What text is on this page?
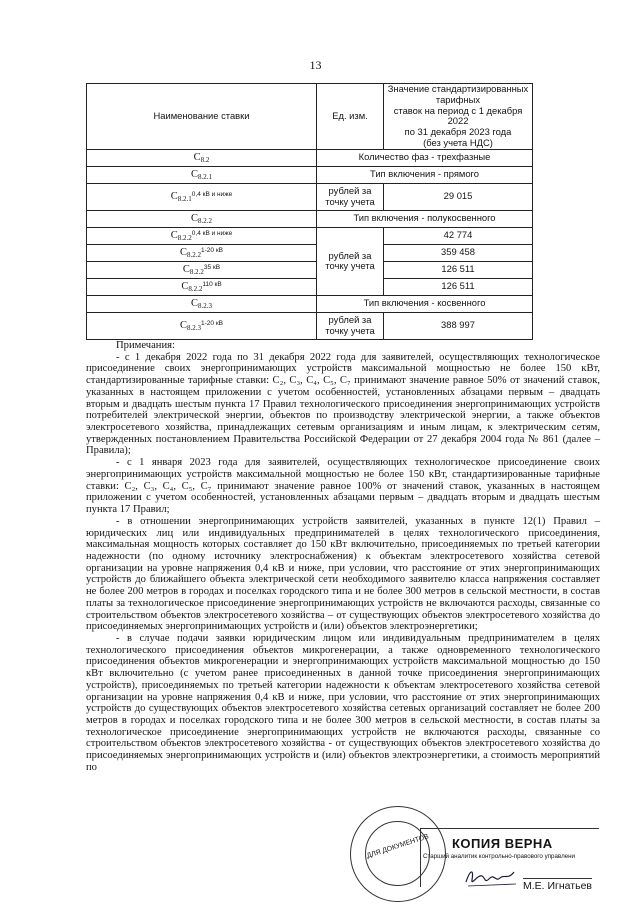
13
Наименование ставки	Ед. изм.	Значение стандартизированных тарифных
ставок на период с 1 декабря 2022
по 31 декабря 2023 года
(без учета НДС)

$С_{8.2}$	Количество фаз - трехфазные	
$С_{8.2.1}$	Тип включения - прямого	
$С_{8.2.1}^{0,4 кВ и ниже}$	рублей за
точку учета	29 015
$С_{8.2.2}$	Тип включения - полукосвенного	
$С_{8.2.2}^{0,4 кВ и ниже}$	рублей за
точку учета	42 774
$С_{8.2.2}^{1-20 кВ}$		359 458
$С_{8.2.2}^{35 кВ}$		126 511
$С_{8.2.2}^{110 кВ}$		126 511
$С_{8.2.3}$	Тип включения - косвенного	
$С_{8.2.3}^{1-20 кВ}$	рублей за
точку учета	388 997

Примечания:

- с 1 декабря 2022 года по 31 декабря 2022 года для заявителей, осуществляющих технологическое присоединение своих энергопринимающих устройств максимальной мощностью не более 150 кВт, стандартизированные тарифные ставки: С₂, С₃, С₄, С₅, С₇ принимают значение равное 50% от значений ставок, указанных в настоящем приложении с учетом особенностей, установленных абзацами первым – двадцать вторым и двадцать шестым пункта 17 Правил технологического присоединения энергопринимающих устройств потребителей электрической энергии, объектов по производству электрической энергии, а также объектов электросетевого хозяйства, принадлежащих сетевым организациям и иным лицам, к электрическим сетям, утвержденных постановлением Правительства Российской Федерации от 27 декабря 2004 года № 861 (далее – Правила);

- с 1 января 2023 года для заявителей, осуществляющих технологическое присоединение своих энергопринимающих устройств максимальной мощностью не более 150 кВт, стандартизированные тарифные ставки: С₂, С₃, С₄, С₅, С₇ принимают значение равное 100% от значений ставок, указанных в настоящем приложении с учетом особенностей, установленных абзацами первым – двадцать вторым и двадцать шестым пункта 17 Правил;

- в отношении энергопринимающих устройств заявителей, указанных в пункте 12(1) Правил – юридических лиц или индивидуальных предпринимателей в целях технологического присоединения, максимальная мощность которых составляет до 150 кВт включительно, присоединяемых по третьей категории надежности (по одному источнику электроснабжения) к объектам электросетевого хозяйства сетевой организации на уровне напряжения 0,4 кВ и ниже, при условии, что расстояние от этих энергопринимающих устройств до ближайшего объекта электрической сети необходимого заявителю класса напряжения составляет не более 200 метров в городах и поселках городского типа и не более 300 метров в сельской местности, в состав платы за технологическое присоединение энергопринимающих устройств не включаются расходы, связанные со строительством объектов электросетевого хозяйства – от существующих объектов электросетевого хозяйства до присоединяемых энергопринимающих устройств и (или) объектов электроэнергетики;

- в случае подачи заявки юридическим лицом или индивидуальным предпринимателем в целях технологического присоединения объектов микрогенерации, а также одновременного технологического присоединения объектов микрогенерации и энергопринимающих устройств максимальной мощностью до 150 кВт включительно (с учетом ранее присоединенных в данной точке присоединения энергопринимающих устройств), присоединяемых по третьей категории надежности к объектам электросетевого хозяйства сетевой организации на уровне напряжения 0,4 кВ и ниже, при условии, что расстояние от этих энергопринимающих устройств до существующих объектов электросетевого хозяйства сетевых организаций составляет не более 200 метров в городах и поселках городского типа и не более 300 метров в сельской местности, в состав платы за технологическое присоединение энергопринимающих устройств не включаются расходы, связанные со строительством объектов электросетевого хозяйства - от существующих объектов электросетевого хозяйства до присоединяемых энергопринимающих устройств и (или) объектов электроэнергетики, а стоимость мероприятий по

ДЛЯ ДОКУМЕНТОВ КОПИЯ ВЕРНА
Старший аналитик контрольно-правового управлени
М.Е. Игнатьев
